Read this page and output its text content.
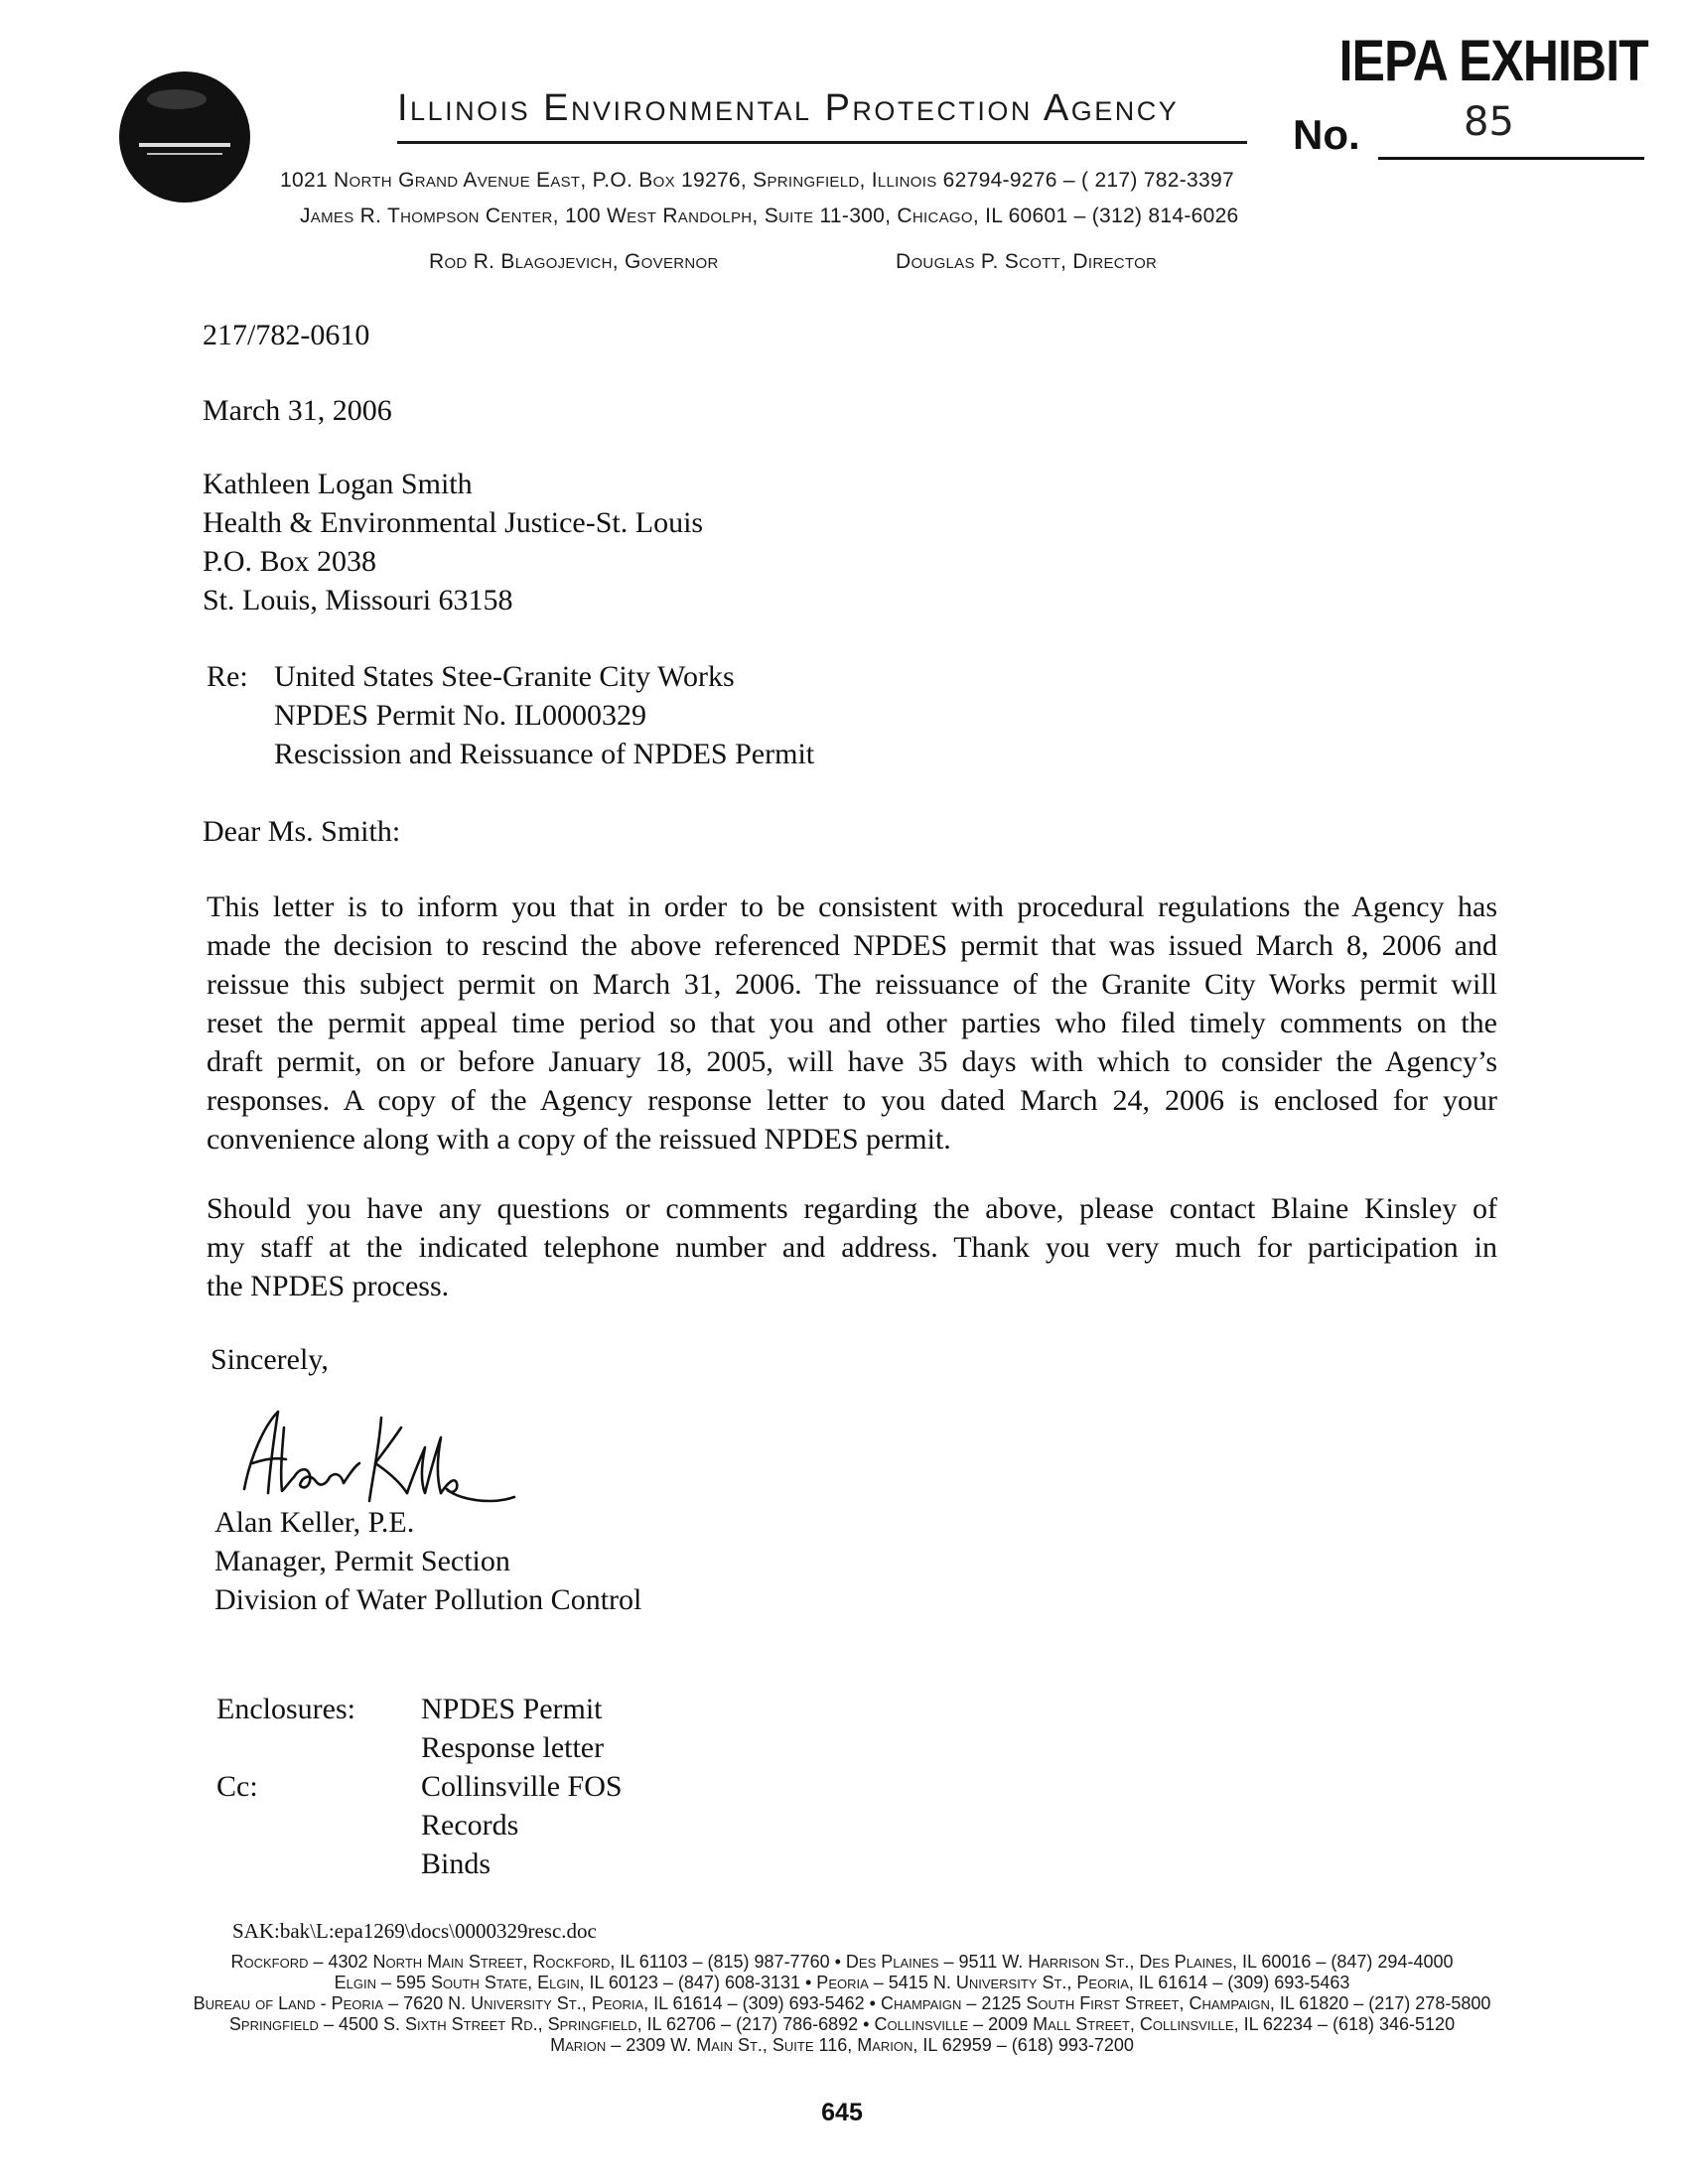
Illinois Environmental Protection Agency
IEPA EXHIBIT
No.	85
1021 North Grand Avenue East, P.O. Box 19276, Springfield, Illinois 62794-9276 – ( 217) 782-3397
James R. Thompson Center, 100 West Randolph, Suite 11-300, Chicago, IL 60601 – (312) 814-6026
Rod R. Blagojevich, Governor	Douglas P. Scott, Director
217/782-0610
March 31, 2006
Kathleen Logan Smith
Health & Environmental Justice-St. Louis
P.O. Box 2038
St. Louis, Missouri 63158
Re: United States Stee-Granite City Works
NPDES Permit No. IL0000329
Rescission and Reissuance of NPDES Permit
Dear Ms. Smith:
This letter is to inform you that in order to be consistent with procedural regulations the Agency has
made the decision to rescind the above referenced NPDES permit that was issued March 8, 2006 and
reissue this subject permit on March 31, 2006. The reissuance of the Granite City Works permit will
reset the permit appeal time period so that you and other parties who filed timely comments on the
draft permit, on or before January 18, 2005, will have 35 days with which to consider the Agency’s
responses. A copy of the Agency response letter to you dated March 24, 2006 is enclosed for your
convenience along with a copy of the reissued NPDES permit.
Should you have any questions or comments regarding the above, please contact Blaine Kinsley of
my staff at the indicated telephone number and address. Thank you very much for participation in
the NPDES process.
Sincerely,
Alan Keller, P.E.
Manager, Permit Section
Division of Water Pollution Control
Enclosures: NPDES Permit
Response letter
Cc:	Collinsville FOS
Records
Binds
SAK:bak\L:epa1269\docs\0000329resc.doc
Rockford – 4302 North Main Street, Rockford, IL 61103 – (815) 987-7760 • Des Plaines – 9511 W. Harrison St., Des Plaines, IL 60016 – (847) 294-4000
Elgin – 595 South State, Elgin, IL 60123 – (847) 608-3131 • Peoria – 5415 N. University St., Peoria, IL 61614 – (309) 693-5463
Bureau of Land - Peoria – 7620 N. University St., Peoria, IL 61614 – (309) 693-5462 • Champaign – 2125 South First Street, Champaign, IL 61820 – (217) 278-5800
Springfield – 4500 S. Sixth Street Rd., Springfield, IL 62706 – (217) 786-6892 • Collinsville – 2009 Mall Street, Collinsville, IL 62234 – (618) 346-5120
Marion – 2309 W. Main St., Suite 116, Marion, IL 62959 – (618) 993-7200
645
